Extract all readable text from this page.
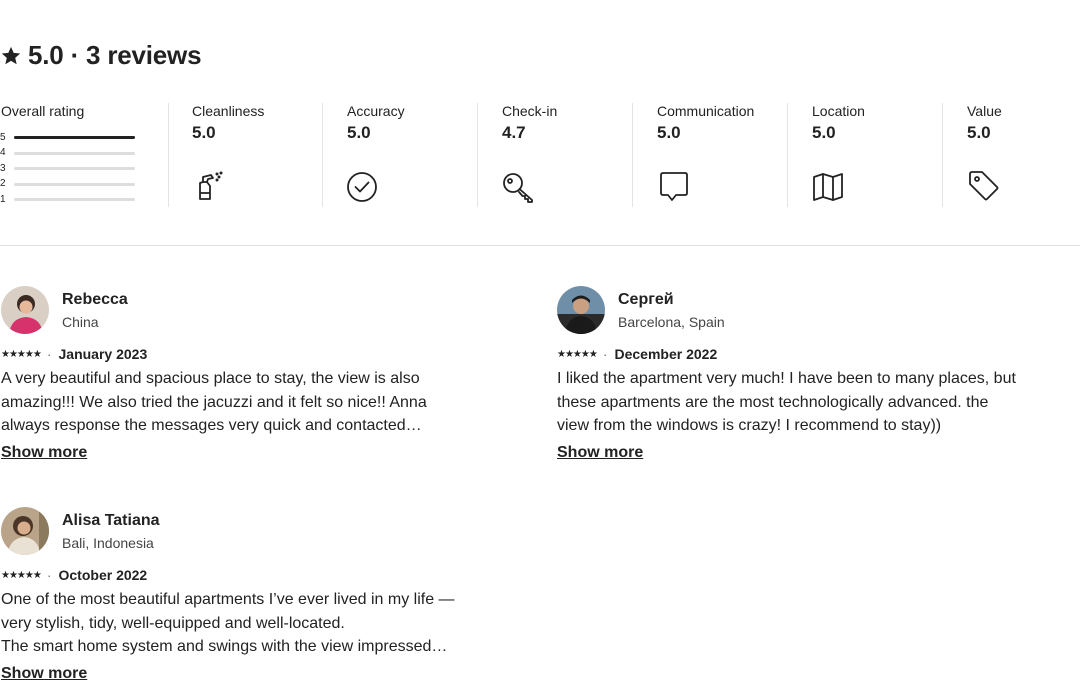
5.0 · 3 reviews
Overall rating
5
4
3
2
1
Cleanliness
5.0
Accuracy
5.0
Check-in
4.7
Communication
5.0
Location
5.0
Value
5.0
Rebecca
China
★★★★★ · January 2023
A very beautiful and spacious place to stay, the view is also amazing!!! We also tried the jacuzzi and it felt so nice!! Anna always response the messages very quick and contacted…
Show more
Сергей
Barcelona, Spain
★★★★★ · December 2022
I liked the apartment very much! I have been to many places, but these apartments are the most technologically advanced. the view from the windows is crazy! I recommend to stay))
Show more
Alisa Tatiana
Bali, Indonesia
★★★★★ · October 2022
One of the most beautiful apartments I’ve ever lived in my life — very stylish, tidy, well-equipped and well-located.
The smart home system and swings with the view impressed…
Show more
